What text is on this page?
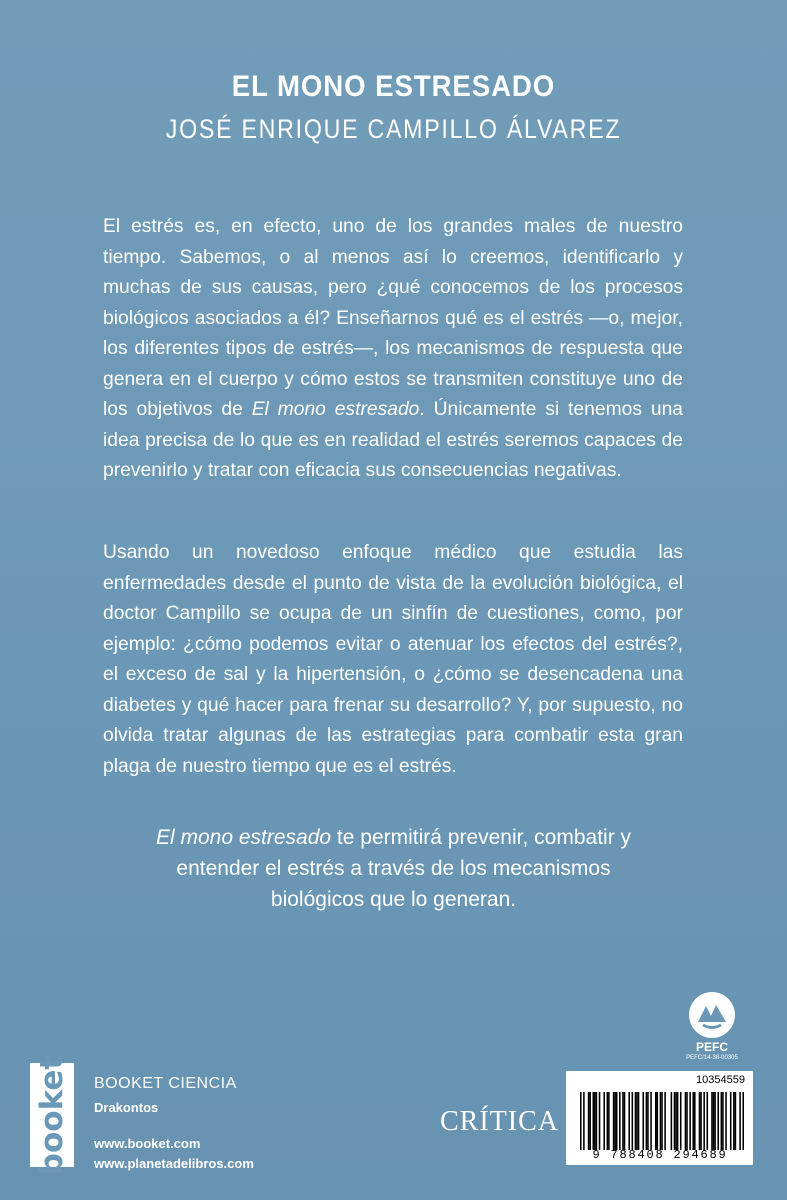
EL MONO ESTRESADO
JOSÉ ENRIQUE CAMPILLO ÁLVAREZ
El estrés es, en efecto, uno de los grandes males de nuestro tiempo. Sabemos, o al menos así lo creemos, identificarlo y muchas de sus causas, pero ¿qué conocemos de los procesos biológicos asociados a él? Enseñarnos qué es el estrés —o, mejor, los diferentes tipos de estrés—, los mecanismos de respuesta que genera en el cuerpo y cómo estos se transmiten constituye uno de los objetivos de El mono estresado. Únicamente si tenemos una idea precisa de lo que es en realidad el estrés seremos capaces de prevenirlo y tratar con eficacia sus consecuencias negativas.
Usando un novedoso enfoque médico que estudia las enfermedades desde el punto de vista de la evolución biológica, el doctor Campillo se ocupa de un sinfín de cuestiones, como, por ejemplo: ¿cómo podemos evitar o atenuar los efectos del estrés?, el exceso de sal y la hipertensión, o ¿cómo se desencadena una diabetes y qué hacer para frenar su desarrollo? Y, por supuesto, no olvida tratar algunas de las estrategias para combatir esta gran plaga de nuestro tiempo que es el estrés.
El mono estresado te permitirá prevenir, combatir y entender el estrés a través de los mecanismos biológicos que lo generan.
PEFC
PEFC/14-38-00305
booket BOOKET CIENCIA
Drakontos
www.booket.com
www.planetadelibros.com
CRÍTICA
10354559
9 788408 294689
